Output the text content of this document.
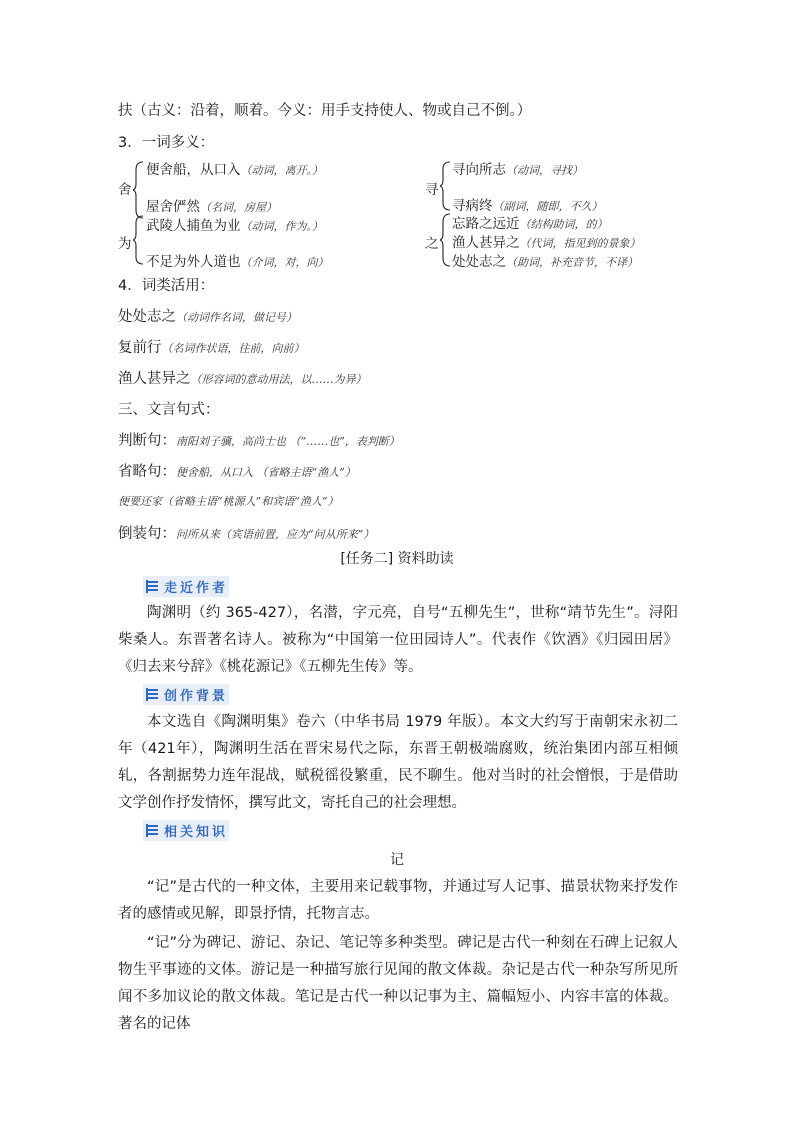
扶（古义：沿着，顺着。今义：用手支持使人、物或自己不倒。）
3．一词多义：
舍
便舍船，从口入（动词，离开。）
屋舍俨然（名词，房屋）
为
武陵人捕鱼为业（动词，作为。）
不足为外人道也（介词，对，向）
寻
寻向所志（动词，寻找）
寻病终（副词，随即，不久）
之
忘路之远近（结构助词，的）
渔人甚异之（代词，指见到的景象）
处处志之（助词，补充音节，不译）
4．词类活用：
处处志之（动词作名词，做记号）
复前行（名词作状语，往前，向前）
渔人甚异之（形容词的意动用法，以……为异）
三、文言句式：
判断句：南阳刘子骥，高尚士也 （“……也”，表判断）
省略句：便舍船，从口入 （省略主语“渔人”）
便要还家（省略主语“桃源人”和宾语“渔人”）
倒装句：问所从来（宾语前置，应为“问从所来”）
[任务二] 资料助读
走近作者
陶渊明（约 365-427），名潜，字元亮，自号“五柳先生”，世称“靖节先生”。浔阳柴桑人。东晋著名诗人。被称为“中国第一位田园诗人”。代表作《饮酒》《归园田居》《归去来兮辞》《桃花源记》《五柳先生传》等。
创作背景
本文选自《陶渊明集》卷六（中华书局 1979 年版）。本文大约写于南朝宋永初二年（421年），陶渊明生活在晋宋易代之际，东晋王朝极端腐败，统治集团内部互相倾轧，各割据势力连年混战，赋税徭役繁重，民不聊生。他对当时的社会憎恨，于是借助文学创作抒发情怀，撰写此文，寄托自己的社会理想。
相关知识
记
“记”是古代的一种文体，主要用来记载事物，并通过写人记事、描景状物来抒发作者的感情或见解，即景抒情，托物言志。
“记”分为碑记、游记、杂记、笔记等多种类型。碑记是古代一种刻在石碑上记叙人物生平事迹的文体。游记是一种描写旅行见闻的散文体裁。杂记是古代一种杂写所见所闻不多加议论的散文体裁。笔记是古代一种以记事为主、篇幅短小、内容丰富的体裁。著名的记体
